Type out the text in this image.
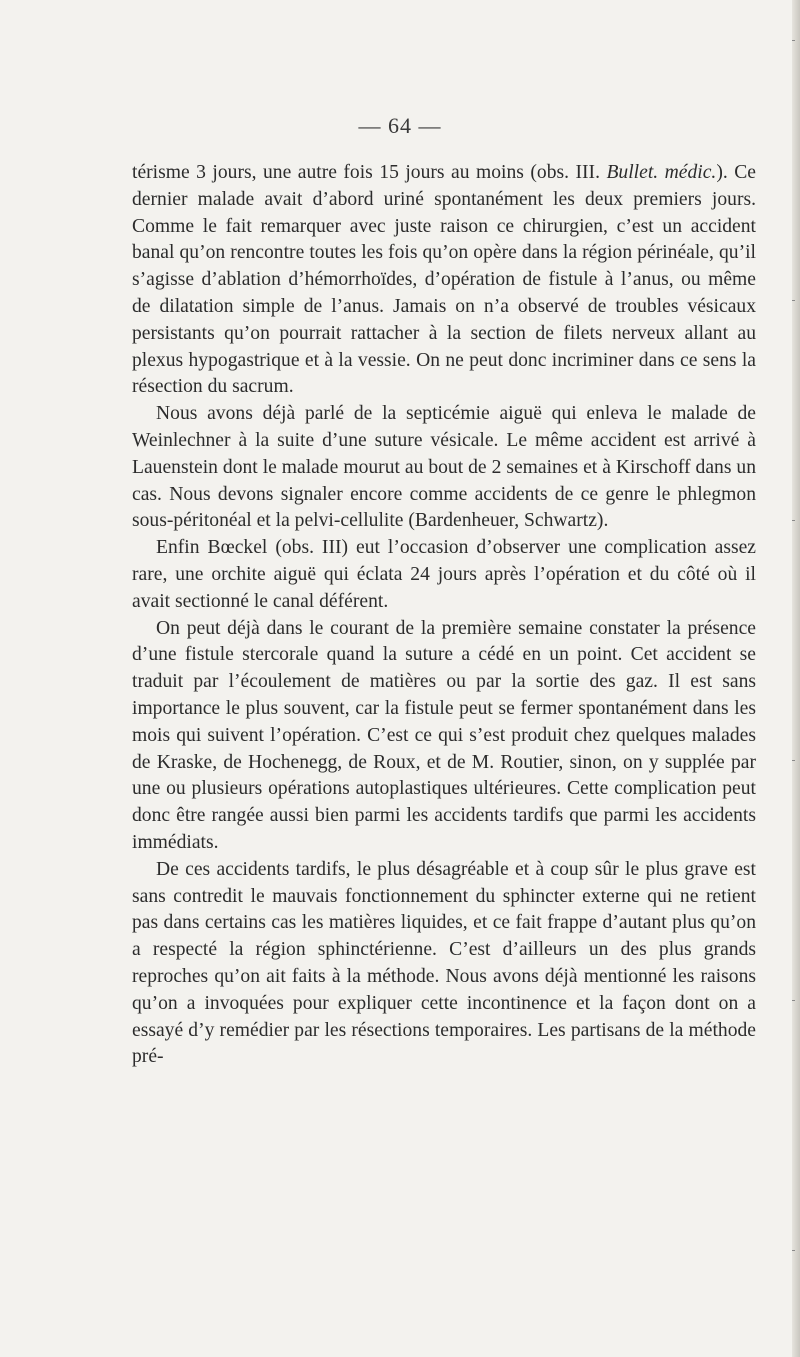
— 64 —

térisme 3 jours, une autre fois 15 jours au moins (obs. III. Bullet. médic.). Ce dernier malade avait d’abord uriné spontanément les deux premiers jours. Comme le fait remarquer avec juste raison ce chirurgien, c’est un accident banal qu’on rencontre toutes les fois qu’on opère dans la région périnéale, qu’il s’agisse d’ablation d’hémorrhoïdes, d’opération de fistule à l’anus, ou même de dilatation simple de l’anus. Jamais on n’a observé de troubles vésicaux persistants qu’on pourrait rattacher à la section de filets nerveux allant au plexus hypogastrique et à la vessie. On ne peut donc incriminer dans ce sens la résection du sacrum.

Nous avons déjà parlé de la septicémie aiguë qui enleva le malade de Weinlechner à la suite d’une suture vésicale. Le même accident est arrivé à Lauenstein dont le malade mourut au bout de 2 semaines et à Kirschoff dans un cas. Nous devons signaler encore comme accidents de ce genre le phlegmon sous-péritonéal et la pelvi-cellulite (Bardenheuer, Schwartz).

Enfin Bœckel (obs. III) eut l’occasion d’observer une complication assez rare, une orchite aiguë qui éclata 24 jours après l’opération et du côté où il avait sectionné le canal déférent.

On peut déjà dans le courant de la première semaine constater la présence d’une fistule stercorale quand la suture a cédé en un point. Cet accident se traduit par l’écoulement de matières ou par la sortie des gaz. Il est sans importance le plus souvent, car la fistule peut se fermer spontanément dans les mois qui suivent l’opération. C’est ce qui s’est produit chez quelques malades de Kraske, de Hochenegg, de Roux, et de M. Routier, sinon, on y supplée par une ou plusieurs opérations autoplastiques ultérieures. Cette complication peut donc être rangée aussi bien parmi les accidents tardifs que parmi les accidents immédiats.

De ces accidents tardifs, le plus désagréable et à coup sûr le plus grave est sans contredit le mauvais fonctionnement du sphincter externe qui ne retient pas dans certains cas les matières liquides, et ce fait frappe d’autant plus qu’on a respecté la région sphinctérienne. C’est d’ailleurs un des plus grands reproches qu’on ait faits à la méthode. Nous avons déjà mentionné les raisons qu’on a invoquées pour expliquer cette incontinence et la façon dont on a essayé d’y remédier par les résections temporaires. Les partisans de la méthode pré-
